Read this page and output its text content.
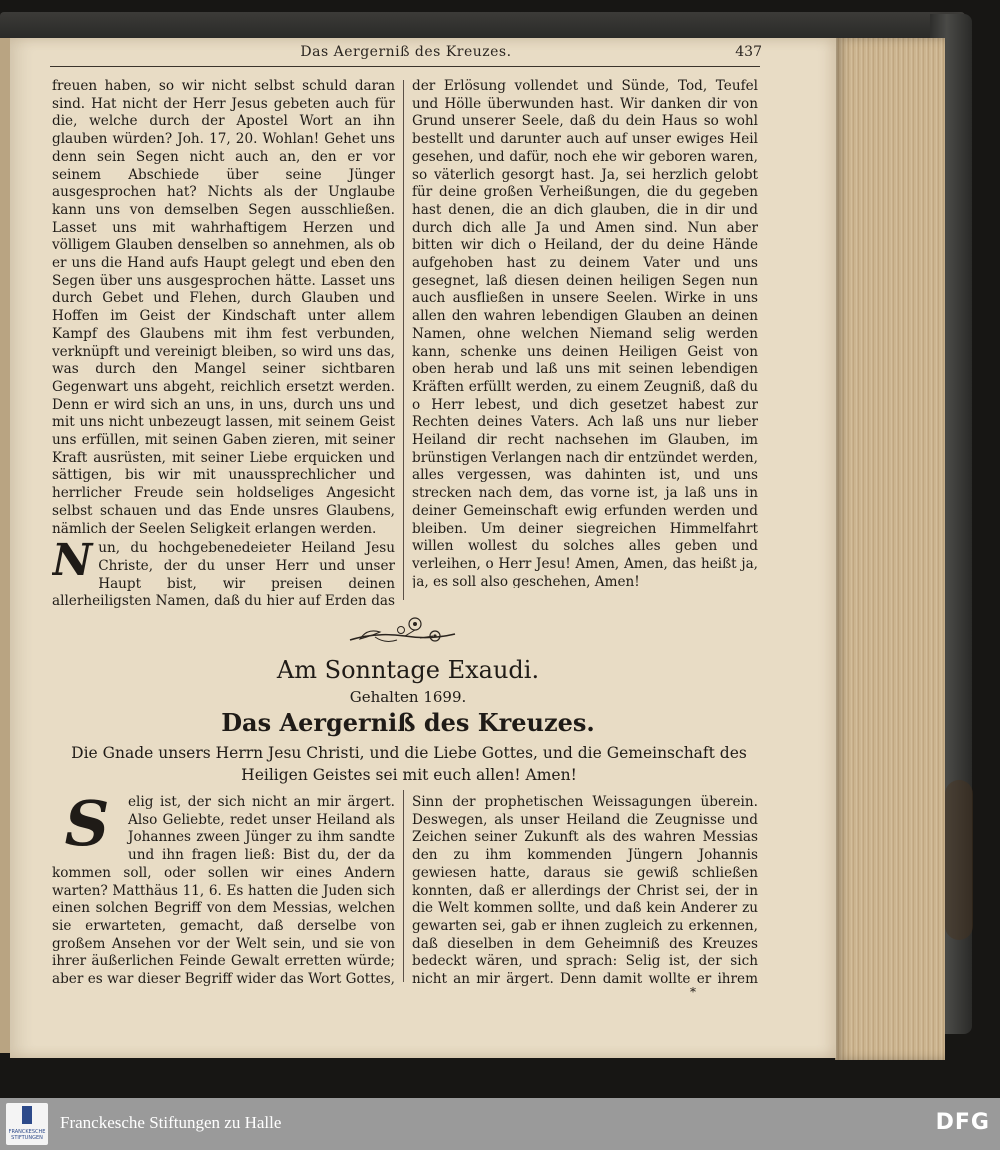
Das Aergerniß des Kreuzes.	437

freuen haben, so wir nicht selbst schuld daran sind. Hat nicht der Herr Jesus gebeten auch für die, welche durch der Apostel Wort an ihn glauben würden? Joh. 17, 20. Wohlan! Gehet uns denn sein Segen nicht auch an, den er vor seinem Abschiede über seine Jünger ausgesprochen hat? Nichts als der Unglaube kann uns von demselben Segen ausschließen. Lasset uns mit wahrhaftigem Herzen und völligem Glauben denselben so annehmen, als ob er uns die Hand aufs Haupt gelegt und eben den Segen über uns ausgesprochen hätte. Lasset uns durch Gebet und Flehen, durch Glauben und Hoffen im Geist der Kindschaft unter allem Kampf des Glaubens mit ihm fest verbunden, verknüpft und vereinigt bleiben, so wird uns das, was durch den Mangel seiner sichtbaren Gegenwart uns abgeht, reichlich ersetzt werden. Denn er wird sich an uns, in uns, durch uns und mit uns nicht unbezeugt lassen, mit seinem Geist uns erfüllen, mit seinen Gaben zieren, mit seiner Kraft ausrüsten, mit seiner Liebe erquicken und sättigen, bis wir mit unaussprechlicher und herrlicher Freude sein holdseliges Angesicht selbst schauen und das Ende unsres Glaubens, nämlich der Seelen Seligkeit erlangen werden.

N un, du hochgebenedeieter Heiland Jesu Christe, der du unser Herr und unser Haupt bist, wir preisen deinen allerheiligsten Namen, daß du hier auf Erden das

der Erlösung vollendet und Sünde, Tod, Teufel und Hölle überwunden hast. Wir danken dir von Grund unserer Seele, daß du dein Haus so wohl bestellt und darunter auch auf unser ewiges Heil gesehen, und dafür, noch ehe wir geboren waren, so väterlich gesorgt hast. Ja, sei herzlich gelobt für deine großen Verheißungen, die du gegeben hast denen, die an dich glauben, die in dir und durch dich alle Ja und Amen sind. Nun aber bitten wir dich o Heiland, der du deine Hände aufgehoben hast zu deinem Vater und uns gesegnet, laß diesen deinen heiligen Segen nun auch ausfließen in unsere Seelen. Wirke in uns allen den wahren lebendigen Glauben an deinen Namen, ohne welchen Niemand selig werden kann, schenke uns deinen Heiligen Geist von oben herab und laß uns mit seinen lebendigen Kräften erfüllt werden, zu einem Zeugniß, daß du o Herr lebest, und dich gesetzet habest zur Rechten deines Vaters. Ach laß uns nur lieber Heiland dir recht nachsehen im Glauben, im brünstigen Verlangen nach dir entzündet werden, alles vergessen, was dahinten ist, und uns strecken nach dem, das vorne ist, ja laß uns in deiner Gemeinschaft ewig erfunden werden und bleiben. Um deiner siegreichen Himmelfahrt willen wollest du solches alles geben und verleihen, o Herr Jesu! Amen, Amen, das heißt ja, ja, es soll also geschehen, Amen!

Am Sonntage Exaudi.
Gehalten 1699.
Das Aergerniß des Kreuzes.
Die Gnade unsers Herrn Jesu Christi, und die Liebe Gottes, und die Gemeinschaft des Heiligen Geistes sei mit euch allen! Amen!

S	elig ist, der sich nicht an mir ärgert. Also Geliebte, redet unser Heiland als Johannes zween Jünger zu ihm sandte und ihn fragen ließ: Bist du, der da kommen soll, oder sollen wir eines Andern warten? Matthäus 11, 6. Es hatten die Juden sich einen solchen Begriff von dem Messias, welchen sie erwarteten, gemacht, daß derselbe von großem Ansehen vor der Welt sein, und sie von ihrer äußerlichen Feinde Gewalt erretten würde; aber es war dieser Begriff wider das Wort Gottes,

Sinn der prophetischen Weissagungen überein. Deswegen, als unser Heiland die Zeugnisse und Zeichen seiner Zukunft als des wahren Messias den zu ihm kommenden Jüngern Johannis gewiesen hatte, daraus sie gewiß schließen konnten, daß er allerdings der Christ sei, der in die Welt kommen sollte, und daß kein Anderer zu gewarten sei, gab er ihnen zugleich zu erkennen, daß dieselben in dem Geheimniß des Kreuzes bedeckt wären, und sprach: Selig ist, der sich nicht an mir ärgert. Denn damit wollte er ihrem

*
FRANCKESCHE STIFTUNGEN
Franckesche Stiftungen zu Halle	DFG
